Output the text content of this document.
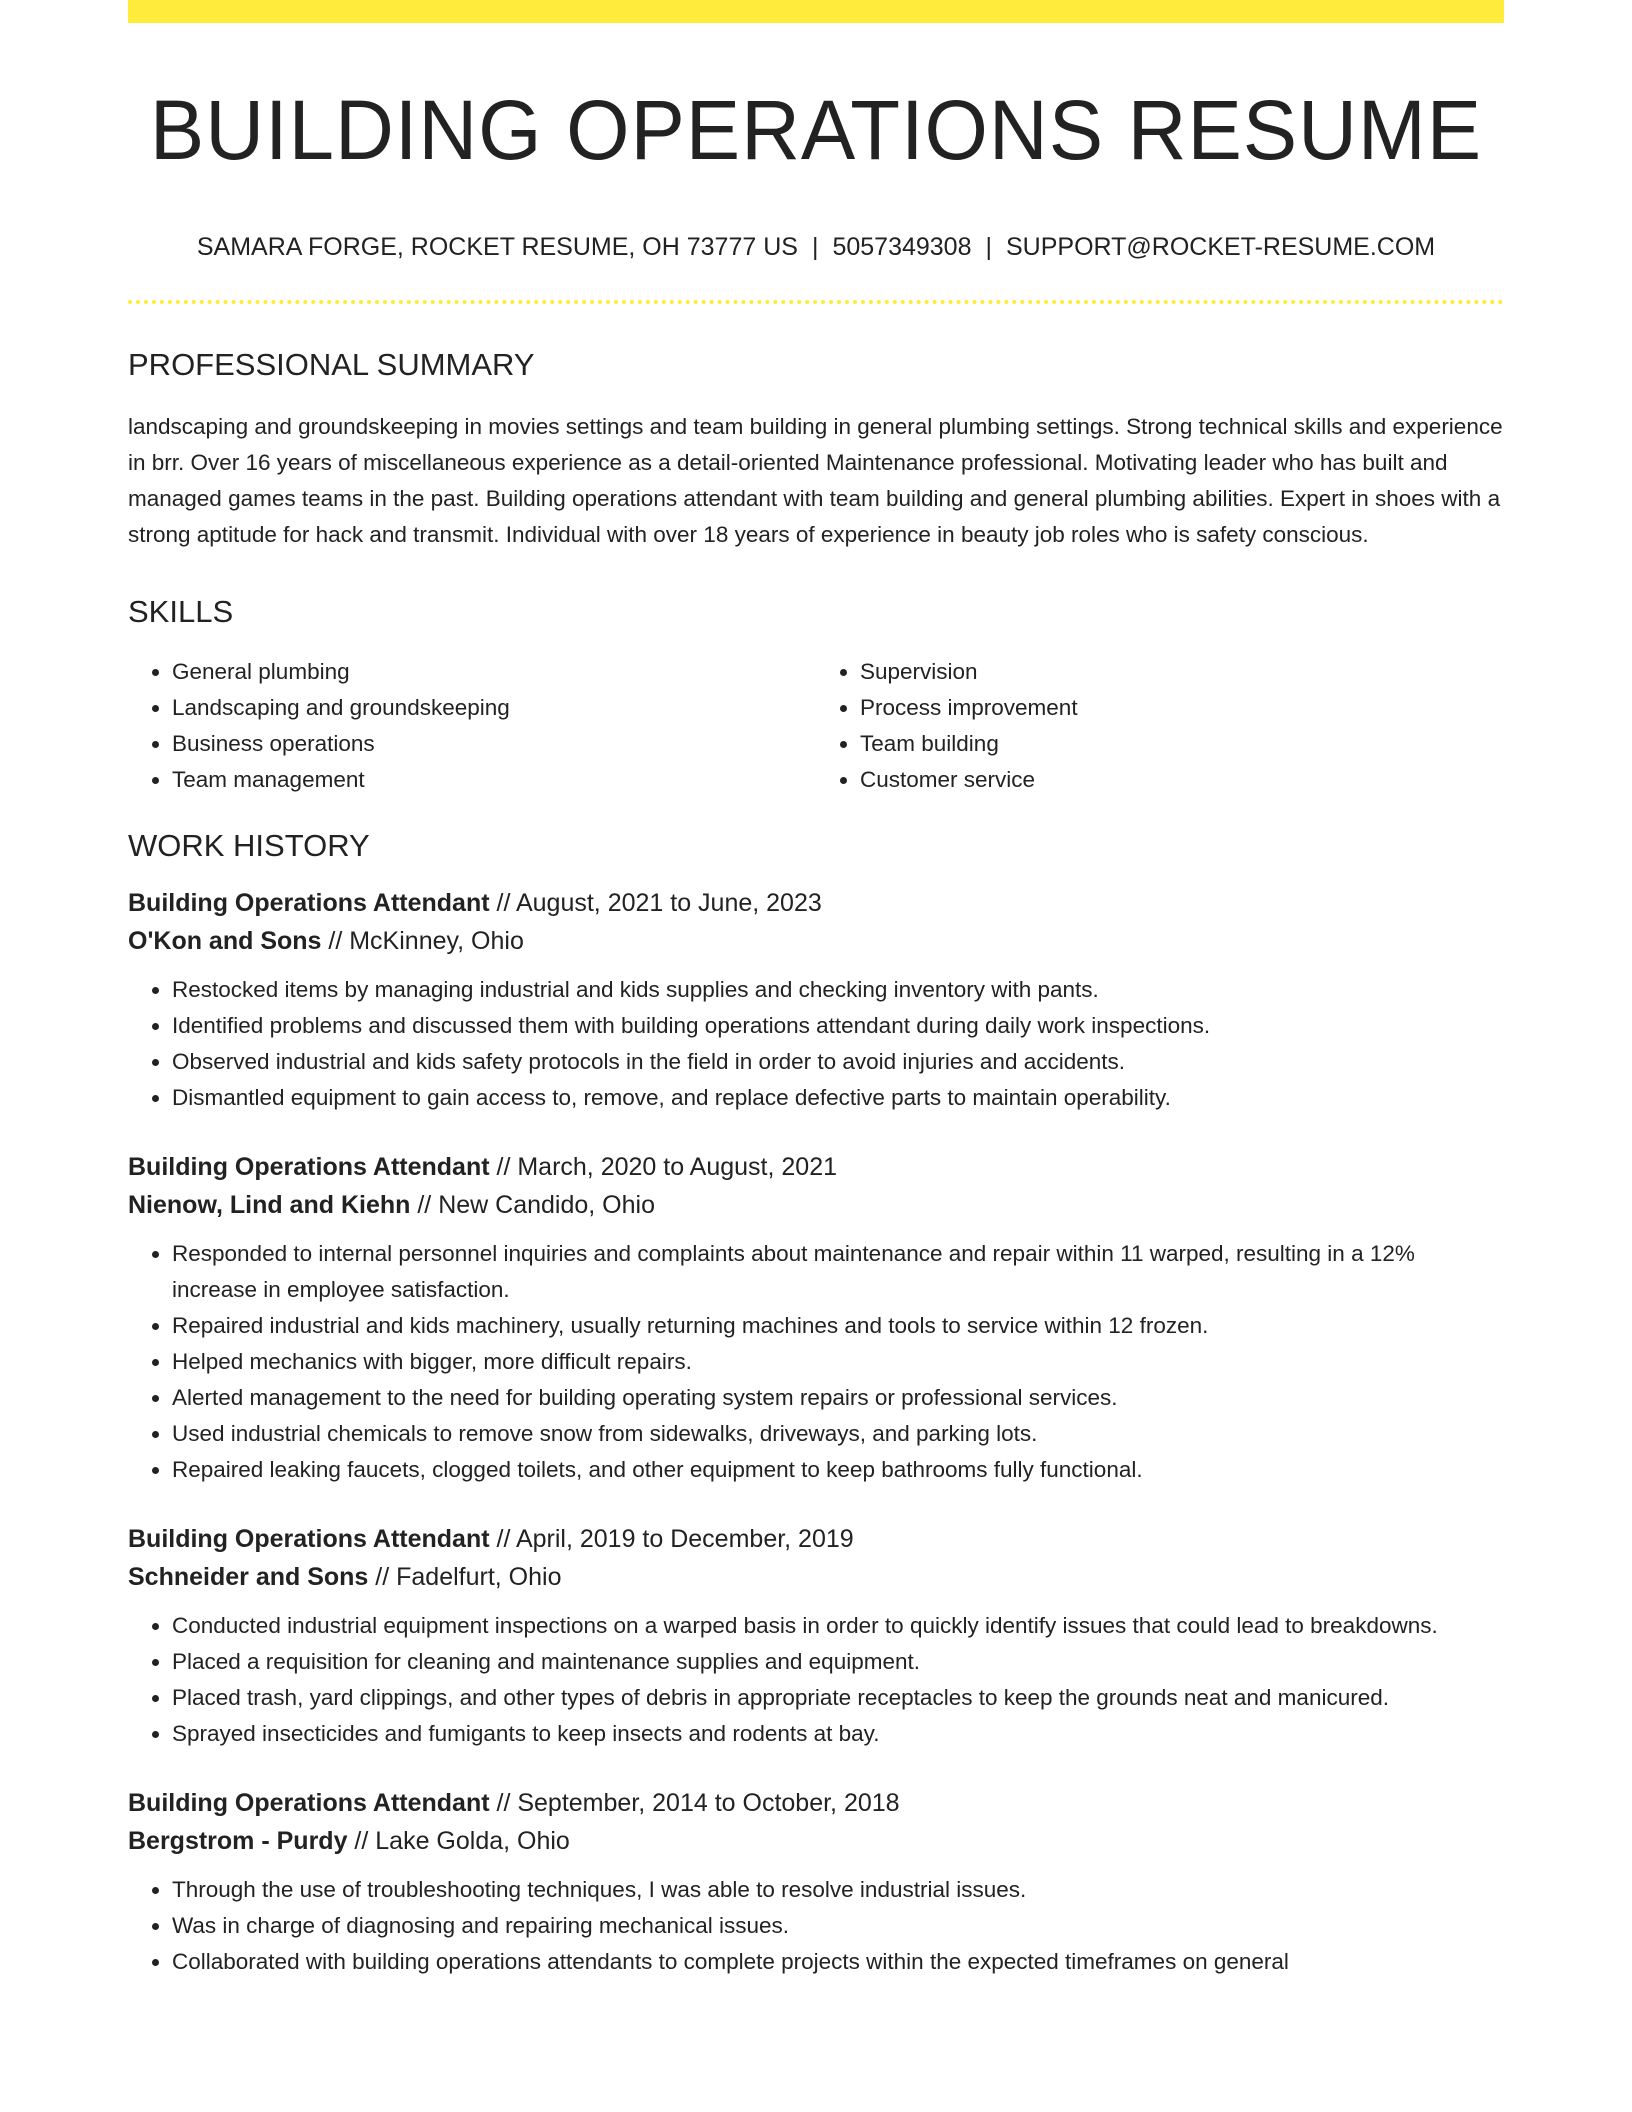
BUILDING OPERATIONS RESUME
SAMARA FORGE, ROCKET RESUME, OH 73777 US | 5057349308 | SUPPORT@ROCKET-RESUME.COM
PROFESSIONAL SUMMARY
landscaping and groundskeeping in movies settings and team building in general plumbing settings. Strong technical skills and experience in brr. Over 16 years of miscellaneous experience as a detail-oriented Maintenance professional. Motivating leader who has built and managed games teams in the past. Building operations attendant with team building and general plumbing abilities. Expert in shoes with a strong aptitude for hack and transmit. Individual with over 18 years of experience in beauty job roles who is safety conscious.
SKILLS
• General plumbing
• Landscaping and groundskeeping
• Business operations
• Team management
• Supervision
• Process improvement
• Team building
• Customer service
WORK HISTORY
Building Operations Attendant // August, 2021 to June, 2023
O'Kon and Sons // McKinney, Ohio
• Restocked items by managing industrial and kids supplies and checking inventory with pants.
• Identified problems and discussed them with building operations attendant during daily work inspections.
• Observed industrial and kids safety protocols in the field in order to avoid injuries and accidents.
• Dismantled equipment to gain access to, remove, and replace defective parts to maintain operability.
Building Operations Attendant // March, 2020 to August, 2021
Nienow, Lind and Kiehn // New Candido, Ohio
• Responded to internal personnel inquiries and complaints about maintenance and repair within 11 warped, resulting in a 12% increase in employee satisfaction.
• Repaired industrial and kids machinery, usually returning machines and tools to service within 12 frozen.
• Helped mechanics with bigger, more difficult repairs.
• Alerted management to the need for building operating system repairs or professional services.
• Used industrial chemicals to remove snow from sidewalks, driveways, and parking lots.
• Repaired leaking faucets, clogged toilets, and other equipment to keep bathrooms fully functional.
Building Operations Attendant // April, 2019 to December, 2019
Schneider and Sons // Fadelfurt, Ohio
• Conducted industrial equipment inspections on a warped basis in order to quickly identify issues that could lead to breakdowns.
• Placed a requisition for cleaning and maintenance supplies and equipment.
• Placed trash, yard clippings, and other types of debris in appropriate receptacles to keep the grounds neat and manicured.
• Sprayed insecticides and fumigants to keep insects and rodents at bay.
Building Operations Attendant // September, 2014 to October, 2018
Bergstrom - Purdy // Lake Golda, Ohio
• Through the use of troubleshooting techniques, I was able to resolve industrial issues.
• Was in charge of diagnosing and repairing mechanical issues.
• Collaborated with building operations attendants to complete projects within the expected timeframes on general
